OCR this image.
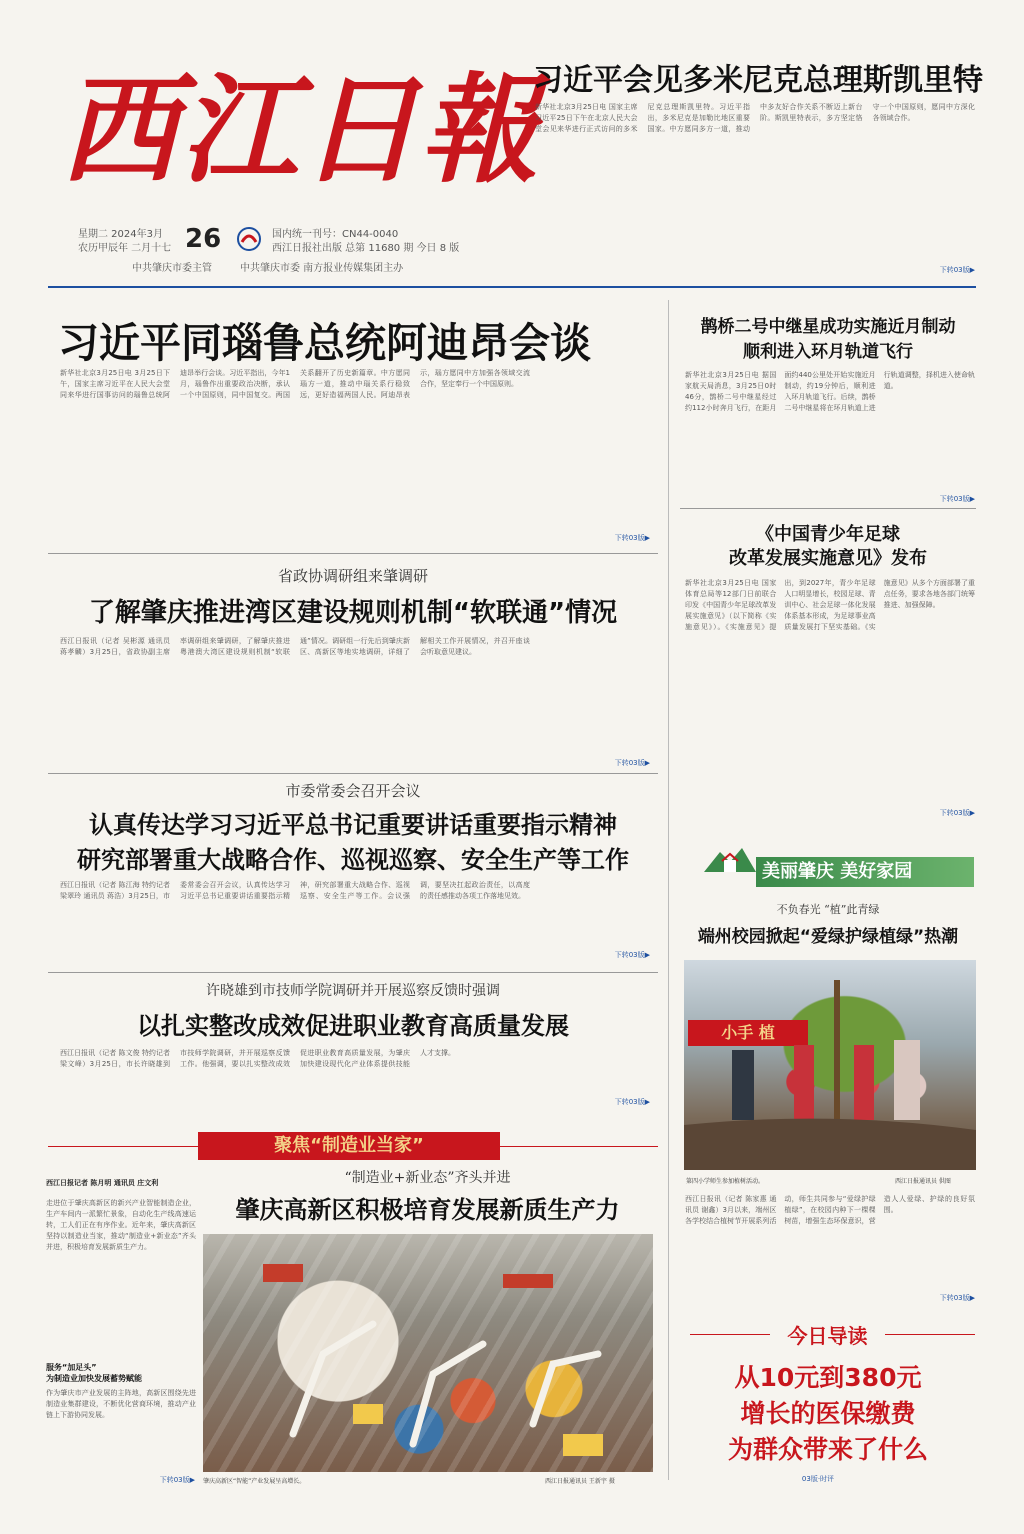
西江日報
星期二 2024年3月
农历甲辰年 二月十七 26	国内统一刊号：CN44-0040
西江日报社出版 总第 11680 期 今日 8 版
中共肇庆市委主管	中共肇庆市委 南方报业传媒集团主办
习近平会见多米尼克总理斯凯里特
新华社北京3月25日电 国家主席习近平25日下午在北京人民大会堂会见来华进行正式访问的多米尼克总理斯凯里特。习近平指出，多米尼克是加勒比地区重要国家。中方愿同多方一道，推动中多友好合作关系不断迈上新台阶。斯凯里特表示，多方坚定恪守一个中国原则，愿同中方深化各领域合作。
下转03版▶
习近平同瑙鲁总统阿迪昂会谈
新华社北京3月25日电 3月25日下午，国家主席习近平在人民大会堂同来华进行国事访问的瑙鲁总统阿迪昂举行会谈。习近平指出，今年1月，瑙鲁作出重要政治决断，承认一个中国原则，同中国复交。两国关系翻开了历史新篇章。中方愿同瑙方一道，推动中瑙关系行稳致远，更好造福两国人民。阿迪昂表示，瑙方愿同中方加强各领域交流合作，坚定奉行一个中国原则。
下转03版▶
省政协调研组来肇调研
了解肇庆推进湾区建设规则机制“软联通”情况
西江日报讯（记者 吴彬源 通讯员 蒋孝麟）3月25日，省政协副主席率调研组来肇调研，了解肇庆推进粤港澳大湾区建设规则机制“软联通”情况。调研组一行先后到肇庆新区、高新区等地实地调研，详细了解相关工作开展情况，并召开座谈会听取意见建议。
下转03版▶
市委常委会召开会议
认真传达学习习近平总书记重要讲话重要指示精神
研究部署重大战略合作、巡视巡察、安全生产等工作
西江日报讯（记者 陈江海 特约记者 梁翠玲 通讯员 蒋浩）3月25日，市委常委会召开会议，认真传达学习习近平总书记重要讲话重要指示精神，研究部署重大战略合作、巡视巡察、安全生产等工作。会议强调，要坚决扛起政治责任，以高度的责任感推动各项工作落地见效。
下转03版▶
许晓雄到市技师学院调研并开展巡察反馈时强调
以扎实整改成效促进职业教育高质量发展
西江日报讯（记者 陈文俊 特约记者 梁文峰）3月25日，市长许晓雄到市技师学院调研，并开展巡察反馈工作。他强调，要以扎实整改成效促进职业教育高质量发展，为肇庆加快建设现代化产业体系提供技能人才支撑。
下转03版▶
聚焦“制造业当家”
“制造业+新业态”齐头并进
肇庆高新区积极培育发展新质生产力
西江日报记者 陈月明 通讯员 庄文利
走进位于肇庆高新区的新兴产业智能制造企业，生产车间内一派繁忙景象，自动化生产线高速运转，工人们正在有序作业。近年来，肇庆高新区坚持以制造业当家，推动“制造业+新业态”齐头并进，积极培育发展新质生产力。
服务“加足头”
为制造业加快发展蓄势赋能
作为肇庆市产业发展的主阵地，高新区围绕先进制造业集群建设，不断优化营商环境，推动产业链上下游协同发展。
下转03版▶ 肇庆高新区“智能”产业发展呈高增长。	西江日报通讯员 王新宇 摄
鹊桥二号中继星成功实施近月制动
顺利进入环月轨道飞行
新华社北京3月25日电 据国家航天局消息，3月25日0时46分，鹊桥二号中继星经过约112小时奔月飞行，在距月面约440公里处开始实施近月制动，约19分钟后，顺利进入环月轨道飞行。后续，鹊桥二号中继星将在环月轨道上进行轨道调整，择机进入使命轨道。
下转03版▶
《中国青少年足球
改革发展实施意见》发布
新华社北京3月25日电 国家体育总局等12部门日前联合印发《中国青少年足球改革发展实施意见》（以下简称《实施意见》）。《实施意见》提出，到2027年，青少年足球人口明显增长，校园足球、青训中心、社会足球一体化发展体系基本形成，为足球事业高质量发展打下坚实基础。《实施意见》从多个方面部署了重点任务，要求各地各部门统筹推进、加强保障。
下转03版▶
美丽肇庆 美好家园
不负春光 “植”此青绿
端州校园掀起“爱绿护绿植绿”热潮
小手 植
第四小学师生参加植树活动。	西江日报通讯员 供图
西江日报讯（记者 陈家惠 通讯员 谢鑫）3月以来，端州区各学校结合植树节开展系列活动，师生共同参与“爱绿护绿植绿”，在校园内种下一棵棵树苗，增强生态环保意识，营造人人爱绿、护绿的良好氛围。
下转03版▶
今日导读
从10元到380元
增长的医保缴费
为群众带来了什么
03版·时评
